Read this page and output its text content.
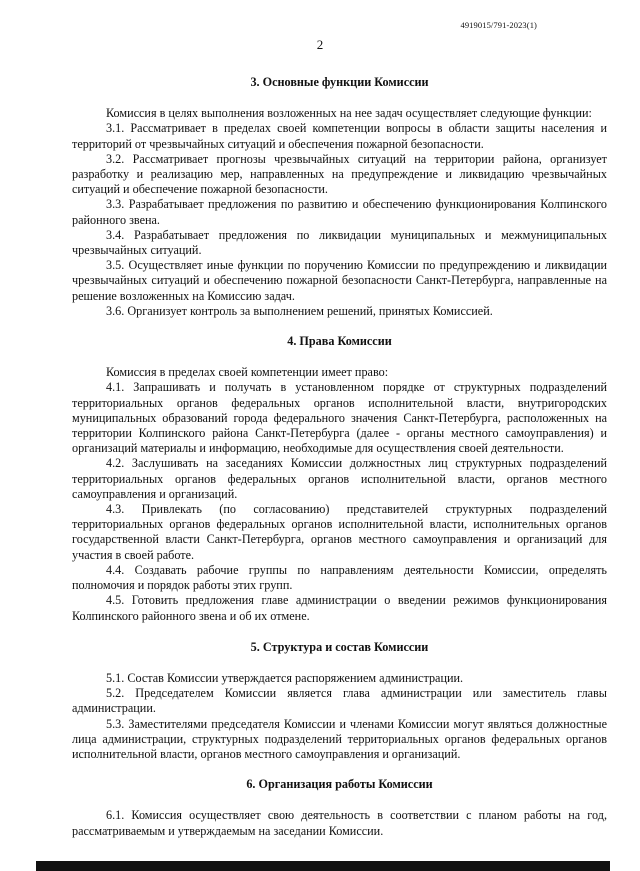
4919015/791-2023(1)
2
3. Основные функции Комиссии
Комиссия в целях выполнения возложенных на нее задач осуществляет следующие функции:
3.1. Рассматривает в пределах своей компетенции вопросы в области защиты населения и территорий от чрезвычайных ситуаций и обеспечения пожарной безопасности.
3.2. Рассматривает прогнозы чрезвычайных ситуаций на территории района, организует разработку и реализацию мер, направленных на предупреждение и ликвидацию чрезвычайных ситуаций и обеспечение пожарной безопасности.
3.3. Разрабатывает предложения по развитию и обеспечению функционирования Колпинского районного звена.
3.4. Разрабатывает предложения по ликвидации муниципальных и межмуниципальных чрезвычайных ситуаций.
3.5. Осуществляет иные функции по поручению Комиссии по предупреждению и ликвидации чрезвычайных ситуаций и обеспечению пожарной безопасности Санкт-Петербурга, направленные на решение возложенных на Комиссию задач.
3.6. Организует контроль за выполнением решений, принятых Комиссией.
4. Права Комиссии
Комиссия в пределах своей компетенции имеет право:
4.1. Запрашивать и получать в установленном порядке от структурных подразделений территориальных органов федеральных органов исполнительной власти, внутригородских муниципальных образований города федерального значения Санкт-Петербурга, расположенных на территории Колпинского района Санкт-Петербурга (далее - органы местного самоуправления) и организаций материалы и информацию, необходимые для осуществления своей деятельности.
4.2. Заслушивать на заседаниях Комиссии должностных лиц структурных подразделений территориальных органов федеральных органов исполнительной власти, органов местного самоуправления и организаций.
4.3. Привлекать (по согласованию) представителей структурных подразделений территориальных органов федеральных органов исполнительной власти, исполнительных органов государственной власти Санкт-Петербурга, органов местного самоуправления и организаций для участия в своей работе.
4.4. Создавать рабочие группы по направлениям деятельности Комиссии, определять полномочия и порядок работы этих групп.
4.5. Готовить предложения главе администрации о введении режимов функционирования Колпинского районного звена и об их отмене.
5. Структура и состав Комиссии
5.1. Состав Комиссии утверждается распоряжением администрации.
5.2. Председателем Комиссии является глава администрации или заместитель главы администрации.
5.3. Заместителями председателя Комиссии и членами Комиссии могут являться должностные лица администрации, структурных подразделений территориальных органов федеральных органов исполнительной власти, органов местного самоуправления и организаций.
6. Организация работы Комиссии
6.1. Комиссия осуществляет свою деятельность в соответствии с планом работы на год, рассматриваемым и утверждаемым на заседании Комиссии.
